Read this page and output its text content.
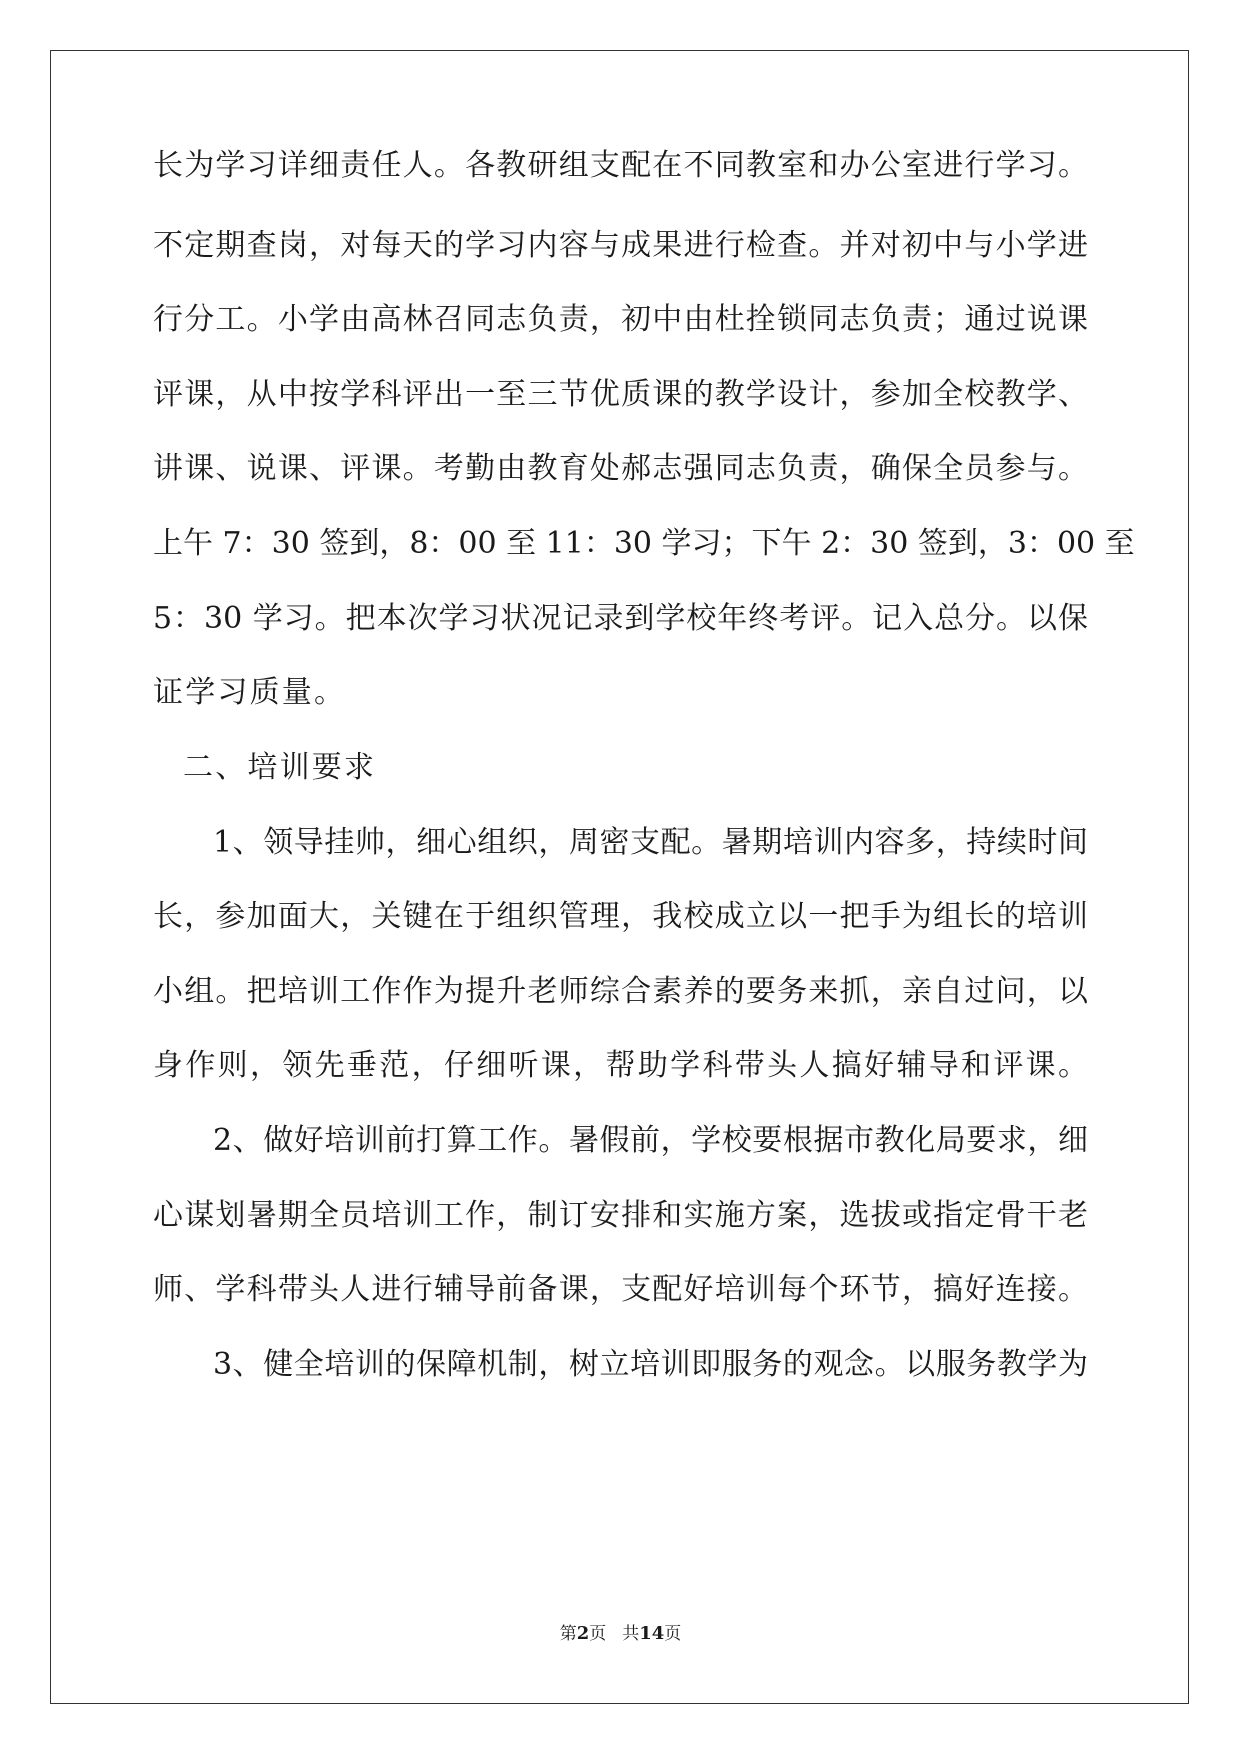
长为学习详细责任人。各教研组支配在不同教室和办公室进行学习。
不定期查岗，对每天的学习内容与成果进行检查。并对初中与小学进
行分工。小学由高林召同志负责，初中由杜拴锁同志负责；通过说课
评课，从中按学科评出一至三节优质课的教学设计，参加全校教学、
讲课、说课、评课。考勤由教育处郝志强同志负责，确保全员参与。
上午 7：30 签到，8：00 至 11：30 学习；下午 2：30 签到，3：00 至
5：30 学习。把本次学习状况记录到学校年终考评。记入总分。以保
证学习质量。
二、培训要求
1、领导挂帅，细心组织，周密支配。暑期培训内容多，持续时间
长，参加面大，关键在于组织管理，我校成立以一把手为组长的培训
小组。把培训工作作为提升老师综合素养的要务来抓，亲自过问，以
身作则，领先垂范，仔细听课，帮助学科带头人搞好辅导和评课。
2、做好培训前打算工作。暑假前，学校要根据市教化局要求，细
心谋划暑期全员培训工作，制订安排和实施方案，选拔或指定骨干老
师、学科带头人进行辅导前备课，支配好培训每个环节，搞好连接。
3、健全培训的保障机制，树立培训即服务的观念。以服务教学为
第2页 共14页
